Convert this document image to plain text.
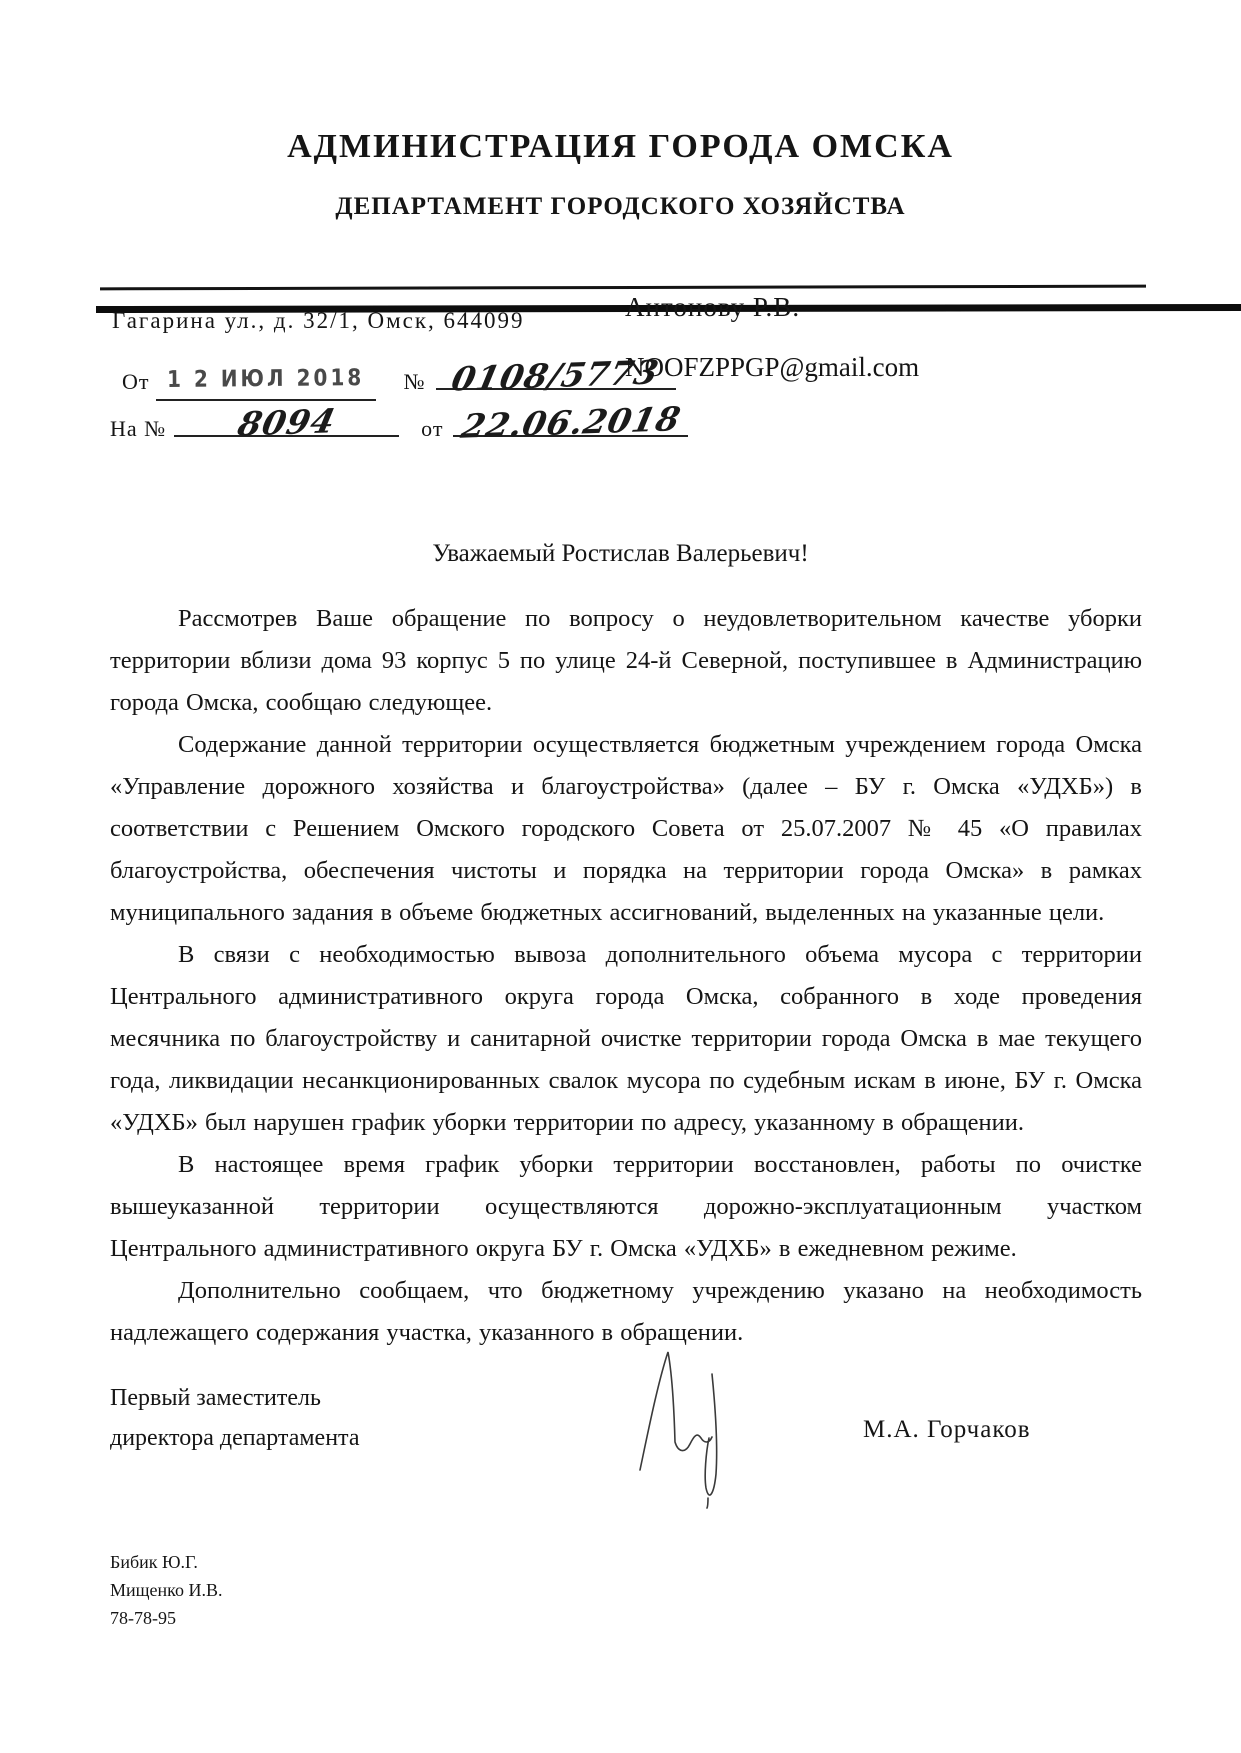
АДМИНИСТРАЦИЯ ГОРОДА ОМСКА
ДЕПАРТАМЕНТ ГОРОДСКОГО ХОЗЯЙСТВА
Гагарина ул., д. 32/1, Омск, 644099
От 1 2 ИЮЛ 2018 № 0108/5773
На № 8094	от 22.06.2018
Антонову Р.В.
NOOFZPPGP@gmail.com
Уважаемый Ростислав Валерьевич!

Рассмотрев Ваше обращение по вопросу о неудовлетворительном качестве уборки территории вблизи дома 93 корпус 5 по улице 24-й Северной, поступившее в Администрацию города Омска, сообщаю следующее.

Содержание данной территории осуществляется бюджетным учреждением города Омска «Управление дорожного хозяйства и благоустройства» (далее – БУ г. Омска «УДХБ») в соответствии с Решением Омского городского Совета от 25.07.2007 № 45 «О правилах благоустройства, обеспечения чистоты и порядка на территории города Омска» в рамках муниципального задания в объеме бюджетных ассигнований, выделенных на указанные цели.

В связи с необходимостью вывоза дополнительного объема мусора с территории Центрального административного округа города Омска, собранного в ходе проведения месячника по благоустройству и санитарной очистке территории города Омска в мае текущего года, ликвидации несанкционированных свалок мусора по судебным искам в июне, БУ г. Омска «УДХБ» был нарушен график уборки территории по адресу, указанному в обращении.

В настоящее время график уборки территории восстановлен, работы по очистке вышеуказанной территории осуществляются дорожно-эксплуатационным участком Центрального административного округа БУ г. Омска «УДХБ» в ежедневном режиме.

Дополнительно сообщаем, что бюджетному учреждению указано на необходимость надлежащего содержания участка, указанного в обращении.

Первый заместитель
директора департамента	М.А. Горчаков
Бибик Ю.Г.
Мищенко И.В.
78-78-95
